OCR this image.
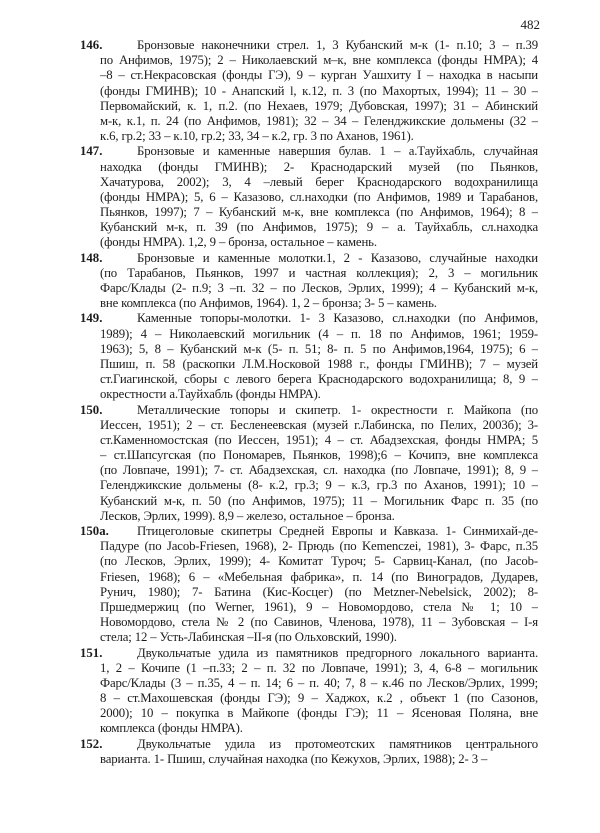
482
146.	Бронзовые наконечники стрел. 1, 3 Кубанский м-к (1- п.10; 3 – п.39
по Анфимов, 1975); 2 – Николаевский м–к, вне комплекса (фонды НМРА); 4
–8 – ст.Некрасовская (фонды ГЭ), 9 – курган Уашхиту I – находка в насыпи
(фонды ГМИНВ); 10 - Анапский l, к.12, п. 3 (по Махортых, 1994); 11 – 30 –
Первомайский, к. 1, п.2. (по Нехаев, 1979; Дубовская, 1997); 31 – Абинский
м-к, к.1, п. 24 (по Анфимов, 1981); 32 – 34 – Геленджикские дольмены (32 –
к.6, гр.2; 33 – к.10, гр.2; 33, 34 – к.2, гр. 3 по Аханов, 1961).
147.	Бронзовые и каменные навершия булав. 1 – а.Тауйхабль, случайная
находка (фонды ГМИНВ); 2- Краснодарский музей (по Пьянков,
Хачатурова, 2002); 3, 4 –левый берег Краснодарского водохранилища
(фонды НМРА); 5, 6 – Казазово, сл.находки (по Анфимов, 1989 и Тарабанов,
Пьянков, 1997); 7 – Кубанский м-к, вне комплекса (по Анфимов, 1964); 8 –
Кубанский м-к, п. 39 (по Анфимов, 1975); 9 – а. Тауйхабль, сл.находка
(фонды НМРА). 1,2, 9 – бронза, остальное – камень.
148.	Бронзовые и каменные молотки.1, 2 - Казазово, случайные находки
(по Тарабанов, Пьянков, 1997 и частная коллекция); 2, 3 – могильник
Фарс/Клады (2- п.9; 3 –п. 32 – по Лесков, Эрлих, 1999); 4 – Кубанский м-к,
вне комплекса (по Анфимов, 1964). 1, 2 – бронза; 3- 5 – камень.
149.	Каменные топоры-молотки. 1- 3 Казазово, сл.находки (по Анфимов,
1989); 4 – Николаевский могильник (4 – п. 18 по Анфимов, 1961; 1959-
1963); 5, 8 – Кубанский м-к (5- п. 51; 8- п. 5 по Анфимов,1964, 1975); 6 –
Пшиш, п. 58 (раскопки Л.М.Носковой 1988 г., фонды ГМИНВ); 7 – музей
ст.Гиагинской, сборы с левого берега Краснодарского водохранилища; 8, 9 –
окрестности а.Тауйхабль (фонды НМРА).
150.	Металлические топоры и скипетр. 1- окрестности г. Майкопа (по
Иессен, 1951); 2 – ст. Бесленеевская (музей г.Лабинска, по Пелих, 2003б); 3-
ст.Каменномостская (по Иессен, 1951); 4 – ст. Абадзехская, фонды НМРА; 5
– ст.Шапсугская (по Пономарев, Пьянков, 1998);6 – Кочипэ, вне комплекса
(по Ловпаче, 1991); 7- ст. Абадзехская, сл. находка (по Ловпаче, 1991); 8, 9 –
Геленджикские дольмены (8- к.2, гр.3; 9 – к.3, гр.3 по Аханов, 1991); 10 –
Кубанский м-к, п. 50 (по Анфимов, 1975); 11 – Могильник Фарс п. 35 (по
Лесков, Эрлих, 1999). 8,9 – железо, остальное – бронза.
150а. Птицеголовые скипетры Средней Европы и Кавказа. 1- Синмихай-де-
Падуре (по Jacob-Friesen, 1968), 2- Прюдь (по Kemenczei, 1981), 3- Фарс, п.35
(по Лесков, Эрлих, 1999); 4- Комитат Туроч; 5- Сарвиц-Канал, (по Jacob-
Friesen, 1968); 6 – «Мебельная фабрика», п. 14 (по Виноградов, Дударев,
Рунич, 1980); 7- Батина (Кис-Косцег) (по Metzner-Nebelsick, 2002); 8-
Пршедмержиц (по Werner, 1961), 9 – Новомордово, стела № 1; 10 –
Новомордово, стела № 2 (по Савинов, Членова, 1978), 11 – Зубовская – I-я
стела; 12 – Усть-Лабинская –II-я (по Ольховский, 1990).
151.	Двукольчатые удила из памятников предгорного локального варианта.
1, 2 – Кочипе (1 –п.33; 2 – п. 32 по Ловпаче, 1991); 3, 4, 6-8 – могильник
Фарс/Клады (3 – п.35, 4 – п. 14; 6 – п. 40; 7, 8 – к.46 по Лесков/Эрлих, 1999;
8 – ст.Махошевская (фонды ГЭ); 9 – Хаджох, к.2 , объект 1 (по Сазонов,
2000); 10 – покупка в Майкопе (фонды ГЭ); 11 – Ясеновая Поляна, вне
комплекса (фонды НМРА).
152.	Двукольчатые удила из протомеотских памятников центрального
варианта. 1- Пшиш, случайная находка (по Кежухов, Эрлих, 1988); 2- 3 –
